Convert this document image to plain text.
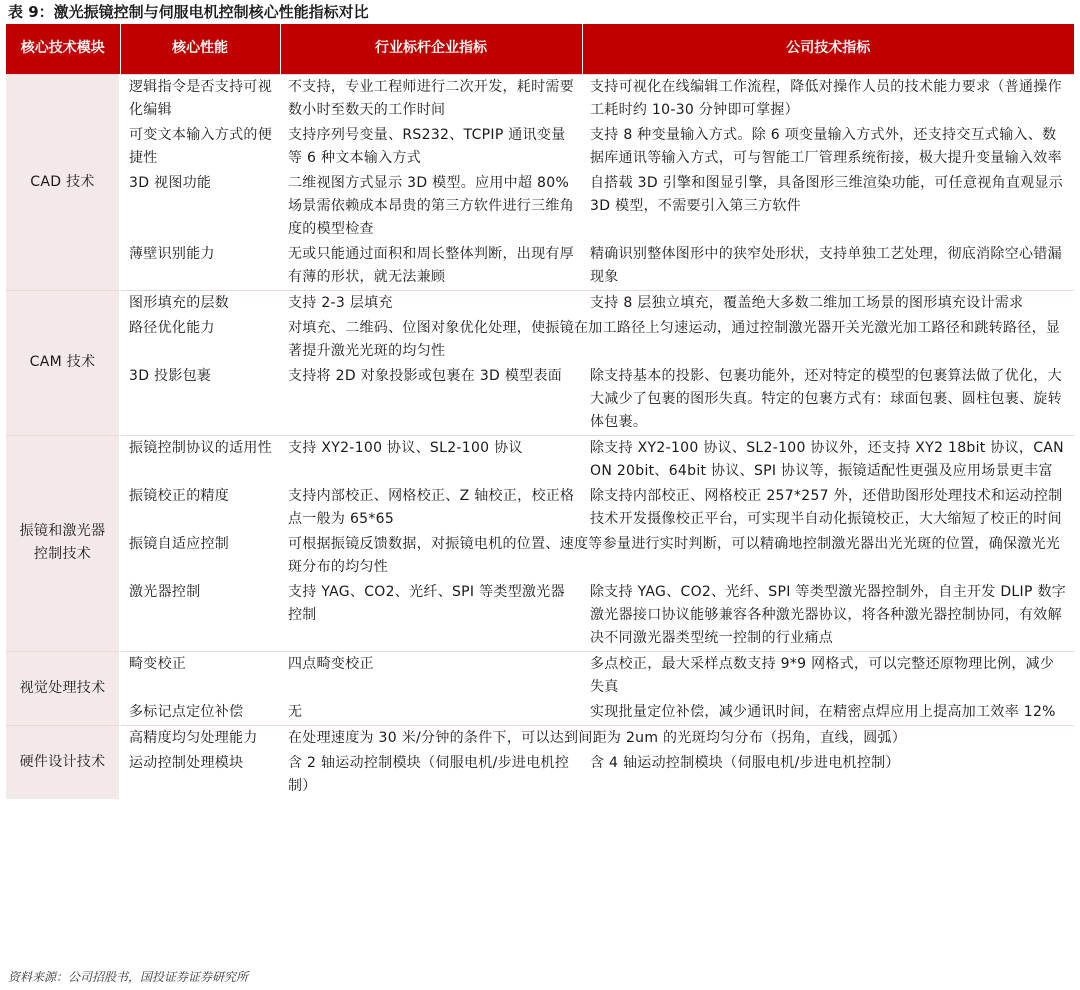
表 9：激光振镜控制与伺服电机控制核心性能指标对比
核心技术模块	核心性能	行业标杆企业指标	公司技术指标
CAD 技术	逻辑指令是否支持可视化编辑	不支持，专业工程师进行二次开发，耗时需要数小时至数天的工作时间	支持可视化在线编辑工作流程，降低对操作人员的技术能力要求（普通操作工耗时约 10-30 分钟即可掌握）
	可变文本输入方式的便捷性	支持序列号变量、RS232、TCPIP 通讯变量等 6 种文本输入方式	支持 8 种变量输入方式。除 6 项变量输入方式外，还支持交互式输入、数据库通讯等输入方式，可与智能工厂管理系统衔接，极大提升变量输入效率
	3D 视图功能	二维视图方式显示 3D 模型。应用中超 80%场景需依赖成本昂贵的第三方软件进行三维角度的模型检查	自搭载 3D 引擎和图显引擎，具备图形三维渲染功能，可任意视角直观显示 3D 模型，不需要引入第三方软件
	薄壁识别能力	无或只能通过面积和周长整体判断，出现有厚有薄的形状，就无法兼顾	精确识别整体图形中的狭窄处形状，支持单独工艺处理，彻底消除空心错漏现象
CAM 技术	图形填充的层数	支持 2-3 层填充	支持 8 层独立填充，覆盖绝大多数二维加工场景的图形填充设计需求
	路径优化能力	对填充、二维码、位图对象优化处理，使振镜在加工路径上匀速运动，通过控制激光器开关光激光加工路径和跳转路径，显著提升激光光斑的均匀性	
	3D 投影包裹	支持将 2D 对象投影或包裹在 3D 模型表面	除支持基本的投影、包裹功能外，还对特定的模型的包裹算法做了优化，大大减少了包裹的图形失真。特定的包裹方式有：球面包裹、圆柱包裹、旋转体包裹。
振镜和激光器控制技术	振镜控制协议的适用性	支持 XY2-100 协议、SL2-100 协议	除支持 XY2-100 协议、SL2-100 协议外，还支持 XY2 18bit 协议，CANON 20bit、64bit 协议、SPI 协议等，振镜适配性更强及应用场景更丰富
	振镜校正的精度	支持内部校正、网格校正、Z 轴校正，校正格点一般为 65*65	除支持内部校正、网格校正 257*257 外，还借助图形处理技术和运动控制技术开发摄像校正平台，可实现半自动化振镜校正，大大缩短了校正的时间
	振镜自适应控制	可根据振镜反馈数据，对振镜电机的位置、速度等参量进行实时判断，可以精确地控制激光器出光光斑的位置，确保激光光斑分布的均匀性	
	激光器控制	支持 YAG、CO2、光纤、SPI 等类型激光器控制	除支持 YAG、CO2、光纤、SPI 等类型激光器控制外，自主开发 DLIP 数字激光器接口协议能够兼容各种激光器协议，将各种激光器控制协同，有效解决不同激光器类型统一控制的行业痛点
视觉处理技术	畸变校正	四点畸变校正	多点校正，最大采样点数支持 9*9 网格式，可以完整还原物理比例，减少失真
	多标记点定位补偿	无	实现批量定位补偿，减少通讯时间，在精密点焊应用上提高加工效率 12%
硬件设计技术	高精度均匀处理能力	在处理速度为 30 米/分钟的条件下，可以达到间距为 2um 的光斑均匀分布（拐角，直线，圆弧）	
	运动控制处理模块	含 2 轴运动控制模块（伺服电机/步进电机控制）	含 4 轴运动控制模块（伺服电机/步进电机控制）
资料来源：公司招股书，国投证券证券研究所
